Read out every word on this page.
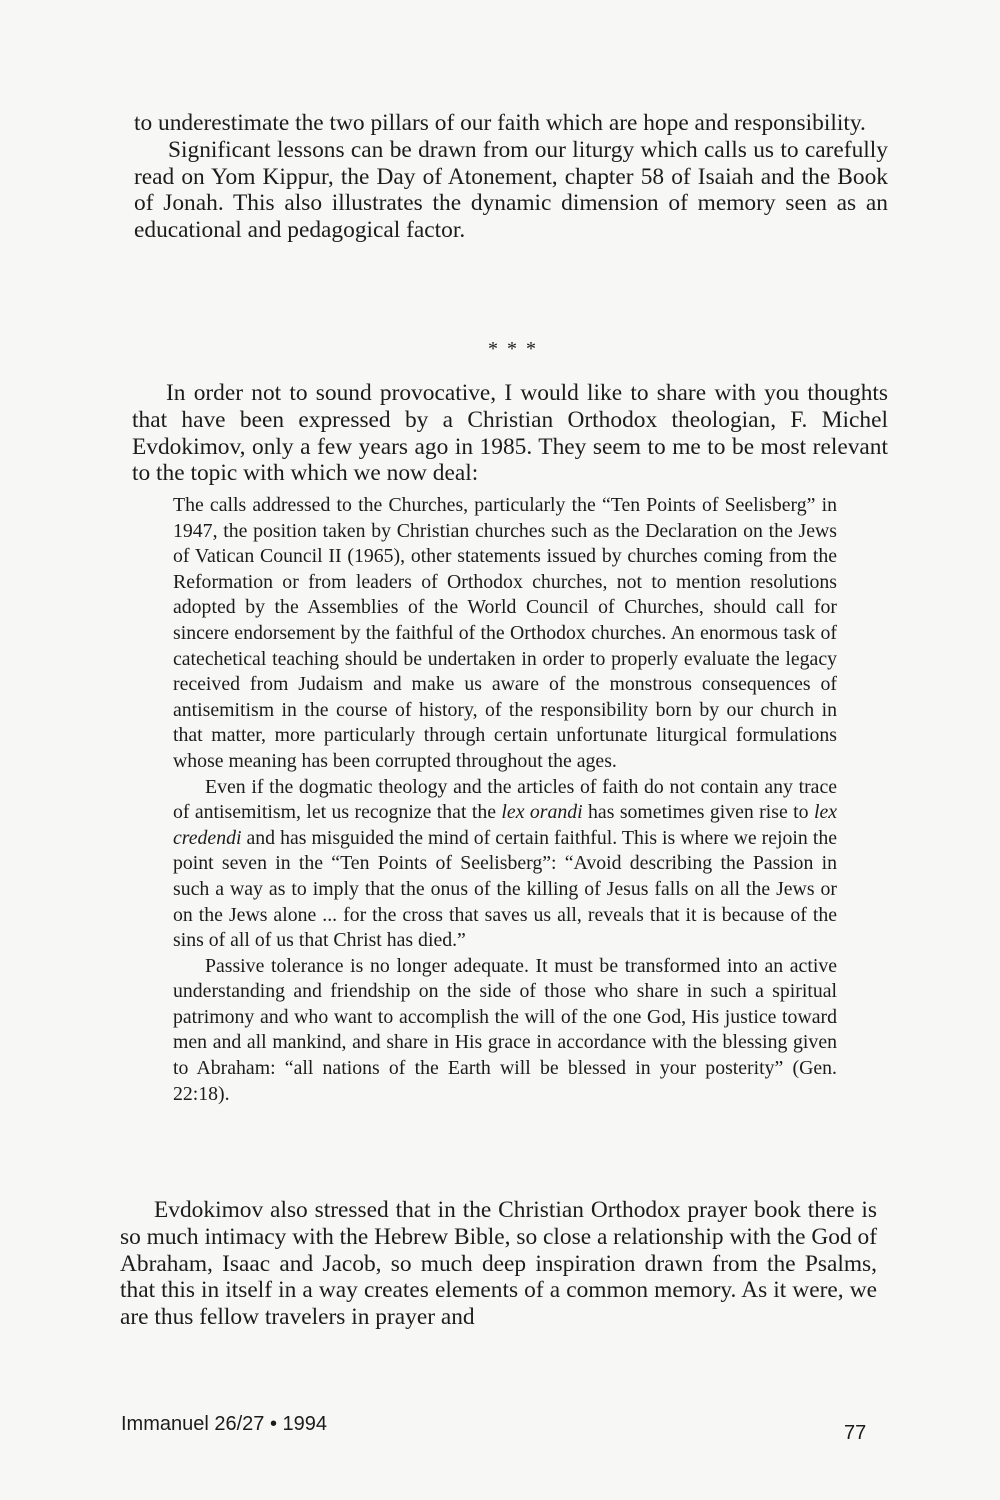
to underestimate the two pillars of our faith which are hope and responsibility.

Significant lessons can be drawn from our liturgy which calls us to carefully read on Yom Kippur, the Day of Atonement, chapter 58 of Isaiah and the Book of Jonah. This also illustrates the dynamic dimension of memory seen as an educational and pedagogical factor.

* * *

In order not to sound provocative, I would like to share with you thoughts that have been expressed by a Christian Orthodox theologian, F. Michel Evdokimov, only a few years ago in 1985. They seem to me to be most relevant to the topic with which we now deal:

The calls addressed to the Churches, particularly the “Ten Points of Seelisberg” in 1947, the position taken by Christian churches such as the Declaration on the Jews of Vatican Council II (1965), other statements issued by churches coming from the Reformation or from leaders of Orthodox churches, not to mention resolutions adopted by the Assemblies of the World Council of Churches, should call for sincere endorsement by the faithful of the Orthodox churches. An enormous task of catechetical teaching should be undertaken in order to properly evaluate the legacy received from Judaism and make us aware of the monstrous consequences of antisemitism in the course of history, of the responsibility born by our church in that matter, more particularly through certain unfortunate liturgical formulations whose meaning has been corrupted throughout the ages.

Even if the dogmatic theology and the articles of faith do not contain any trace of antisemitism, let us recognize that the lex orandi has sometimes given rise to lex credendi and has misguided the mind of certain faithful. This is where we rejoin the point seven in the “Ten Points of Seelisberg”: “Avoid describing the Passion in such a way as to imply that the onus of the killing of Jesus falls on all the Jews or on the Jews alone ... for the cross that saves us all, reveals that it is because of the sins of all of us that Christ has died.”

Passive tolerance is no longer adequate. It must be transformed into an active understanding and friendship on the side of those who share in such a spiritual patrimony and who want to accomplish the will of the one God, His justice toward men and all mankind, and share in His grace in accordance with the blessing given to Abraham: “all nations of the Earth will be blessed in your posterity” (Gen. 22:18).

Evdokimov also stressed that in the Christian Orthodox prayer book there is so much intimacy with the Hebrew Bible, so close a relationship with the God of Abraham, Isaac and Jacob, so much deep inspiration drawn from the Psalms, that this in itself in a way creates elements of a common memory. As it were, we are thus fellow travelers in prayer and

Immanuel 26/27 • 1994	77
